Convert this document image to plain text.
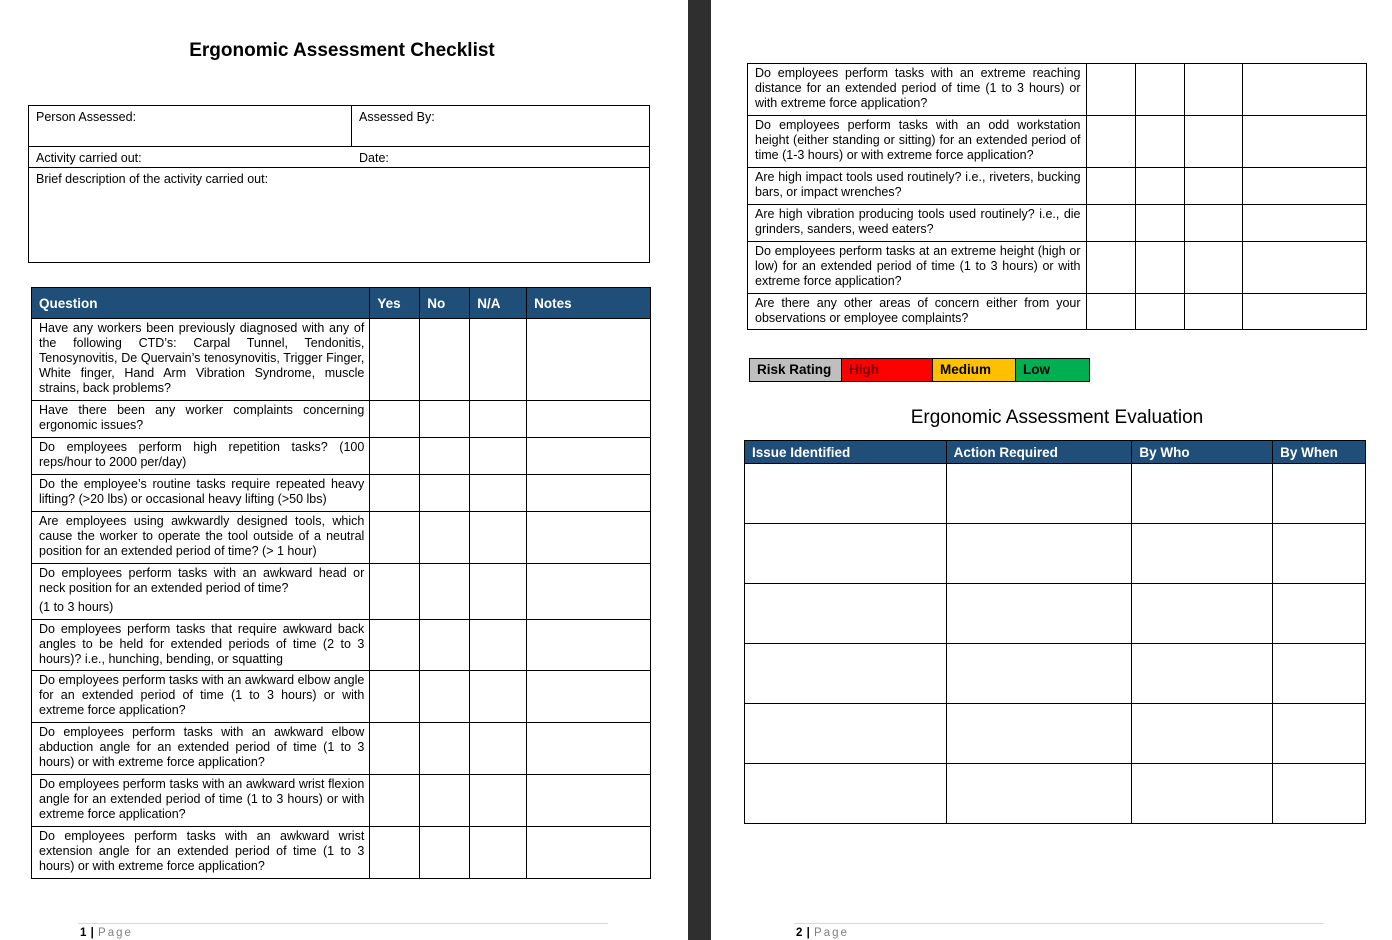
Ergonomic Assessment Checklist
Person Assessed:	Assessed By:

Activity carried out:	Date:

Brief description of the activity carried out:
Question	Yes	No	N/A	Notes
Have any workers been previously diagnosed with any of the following CTD’s: Carpal Tunnel, Tendonitis, Tenosynovitis, De Quervain’s tenosynovitis, Trigger Finger, White finger, Hand Arm Vibration Syndrome, muscle strains, back problems?				
Have there been any worker complaints concerning ergonomic issues?				
Do employees perform high repetition tasks? (100 reps/hour to 2000 per/day)				
Do the employee’s routine tasks require repeated heavy lifting? (>20 lbs) or occasional heavy lifting (>50 lbs)				
Are employees using awkwardly designed tools, which cause the worker to operate the tool outside of a neutral position for an extended period of time? (> 1 hour)				

Do employees perform tasks with an awkward head or neck position for an extended period of time?
(1 to 3 hours)				

Do employees perform tasks that require awkward back angles to be held for extended periods of time (2 to 3 hours)? i.e., hunching, bending, or squatting				
Do employees perform tasks with an awkward elbow angle for an extended period of time (1 to 3 hours) or with extreme force application?				
Do employees perform tasks with an awkward elbow abduction angle for an extended period of time (1 to 3 hours) or with extreme force application?				
Do employees perform tasks with an awkward wrist flexion angle for an extended period of time (1 to 3 hours) or with extreme force application?				
Do employees perform tasks with an awkward wrist extension angle for an extended period of time (1 to 3 hours) or with extreme force application?				
1 | Page
Do employees perform tasks with an extreme reaching distance for an extended period of time (1 to 3 hours) or with extreme force application?				
Do employees perform tasks with an odd workstation height (either standing or sitting) for an extended period of time (1-3 hours) or with extreme force application?				
Are high impact tools used routinely? i.e., riveters, bucking bars, or impact wrenches?				
Are high vibration producing tools used routinely? i.e., die grinders, sanders, weed eaters?				
Do employees perform tasks at an extreme height (high or low) for an extended period of time (1 to 3 hours) or with extreme force application?				
Are there any other areas of concern either from your observations or employee complaints?				
Risk Rating	High	Medium	Low
Ergonomic Assessment Evaluation
Issue Identified	Action Required	By Who	By When

2 | Page
